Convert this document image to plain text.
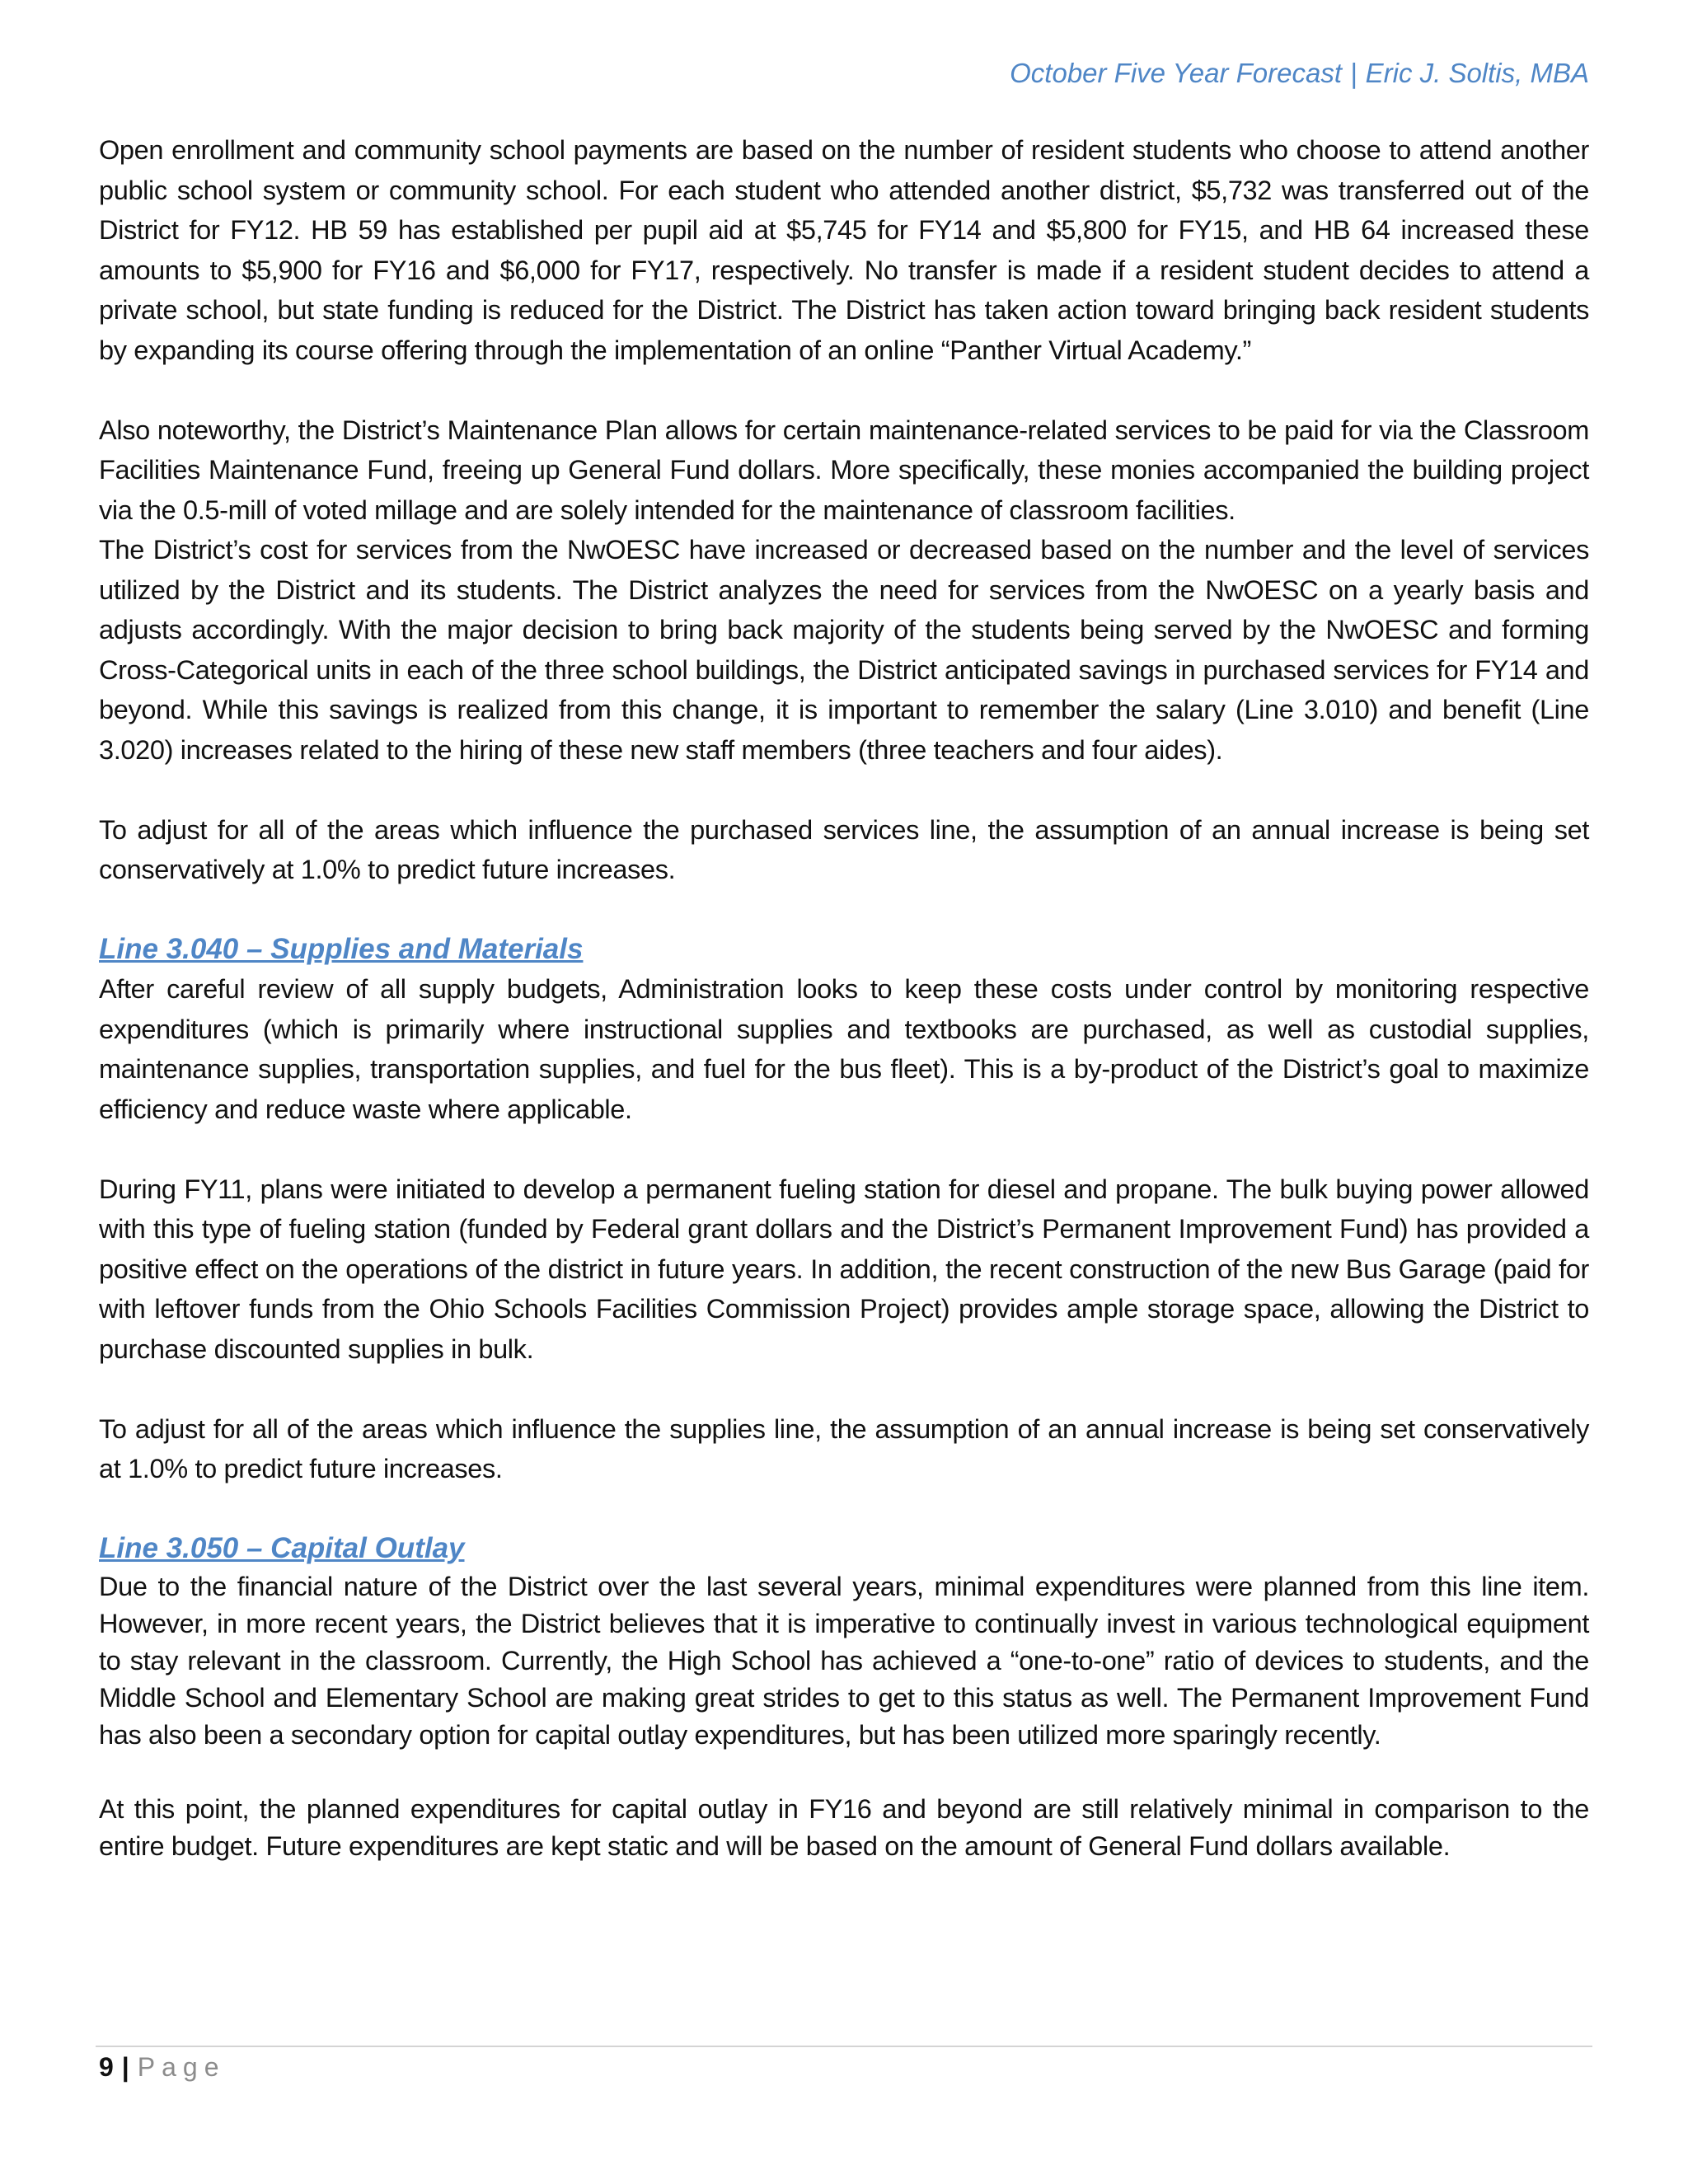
October Five Year Forecast | Eric J. Soltis, MBA

Open enrollment and community school payments are based on the number of resident students who choose to attend another public school system or community school. For each student who attended another district, $5,732 was transferred out of the District for FY12. HB 59 has established per pupil aid at $5,745 for FY14 and $5,800 for FY15, and HB 64 increased these amounts to $5,900 for FY16 and $6,000 for FY17, respectively. No transfer is made if a resident student decides to attend a private school, but state funding is reduced for the District. The District has taken action toward bringing back resident students by expanding its course offering through the implementation of an online “Panther Virtual Academy.”

Also noteworthy, the District’s Maintenance Plan allows for certain maintenance-related services to be paid for via the Classroom Facilities Maintenance Fund, freeing up General Fund dollars. More specifically, these monies accompanied the building project via the 0.5-mill of voted millage and are solely intended for the maintenance of classroom facilities.

The District’s cost for services from the NwOESC have increased or decreased based on the number and the level of services utilized by the District and its students. The District analyzes the need for services from the NwOESC on a yearly basis and adjusts accordingly. With the major decision to bring back majority of the students being served by the NwOESC and forming Cross-Categorical units in each of the three school buildings, the District anticipated savings in purchased services for FY14 and beyond. While this savings is realized from this change, it is important to remember the salary (Line 3.010) and benefit (Line 3.020) increases related to the hiring of these new staff members (three teachers and four aides).

To adjust for all of the areas which influence the purchased services line, the assumption of an annual increase is being set conservatively at 1.0% to predict future increases.

Line 3.040 – Supplies and Materials

After careful review of all supply budgets, Administration looks to keep these costs under control by monitoring respective expenditures (which is primarily where instructional supplies and textbooks are purchased, as well as custodial supplies, maintenance supplies, transportation supplies, and fuel for the bus fleet). This is a by-product of the District’s goal to maximize efficiency and reduce waste where applicable.

During FY11, plans were initiated to develop a permanent fueling station for diesel and propane. The bulk buying power allowed with this type of fueling station (funded by Federal grant dollars and the District’s Permanent Improvement Fund) has provided a positive effect on the operations of the district in future years. In addition, the recent construction of the new Bus Garage (paid for with leftover funds from the Ohio Schools Facilities Commission Project) provides ample storage space, allowing the District to purchase discounted supplies in bulk.

To adjust for all of the areas which influence the supplies line, the assumption of an annual increase is being set conservatively at 1.0% to predict future increases.

Line 3.050 – Capital Outlay

Due to the financial nature of the District over the last several years, minimal expenditures were planned from this line item. However, in more recent years, the District believes that it is imperative to continually invest in various technological equipment to stay relevant in the classroom. Currently, the High School has achieved a “one-to-one” ratio of devices to students, and the Middle School and Elementary School are making great strides to get to this status as well. The Permanent Improvement Fund has also been a secondary option for capital outlay expenditures, but has been utilized more sparingly recently.

At this point, the planned expenditures for capital outlay in FY16 and beyond are still relatively minimal in comparison to the entire budget. Future expenditures are kept static and will be based on the amount of General Fund dollars available.

9 | Page
